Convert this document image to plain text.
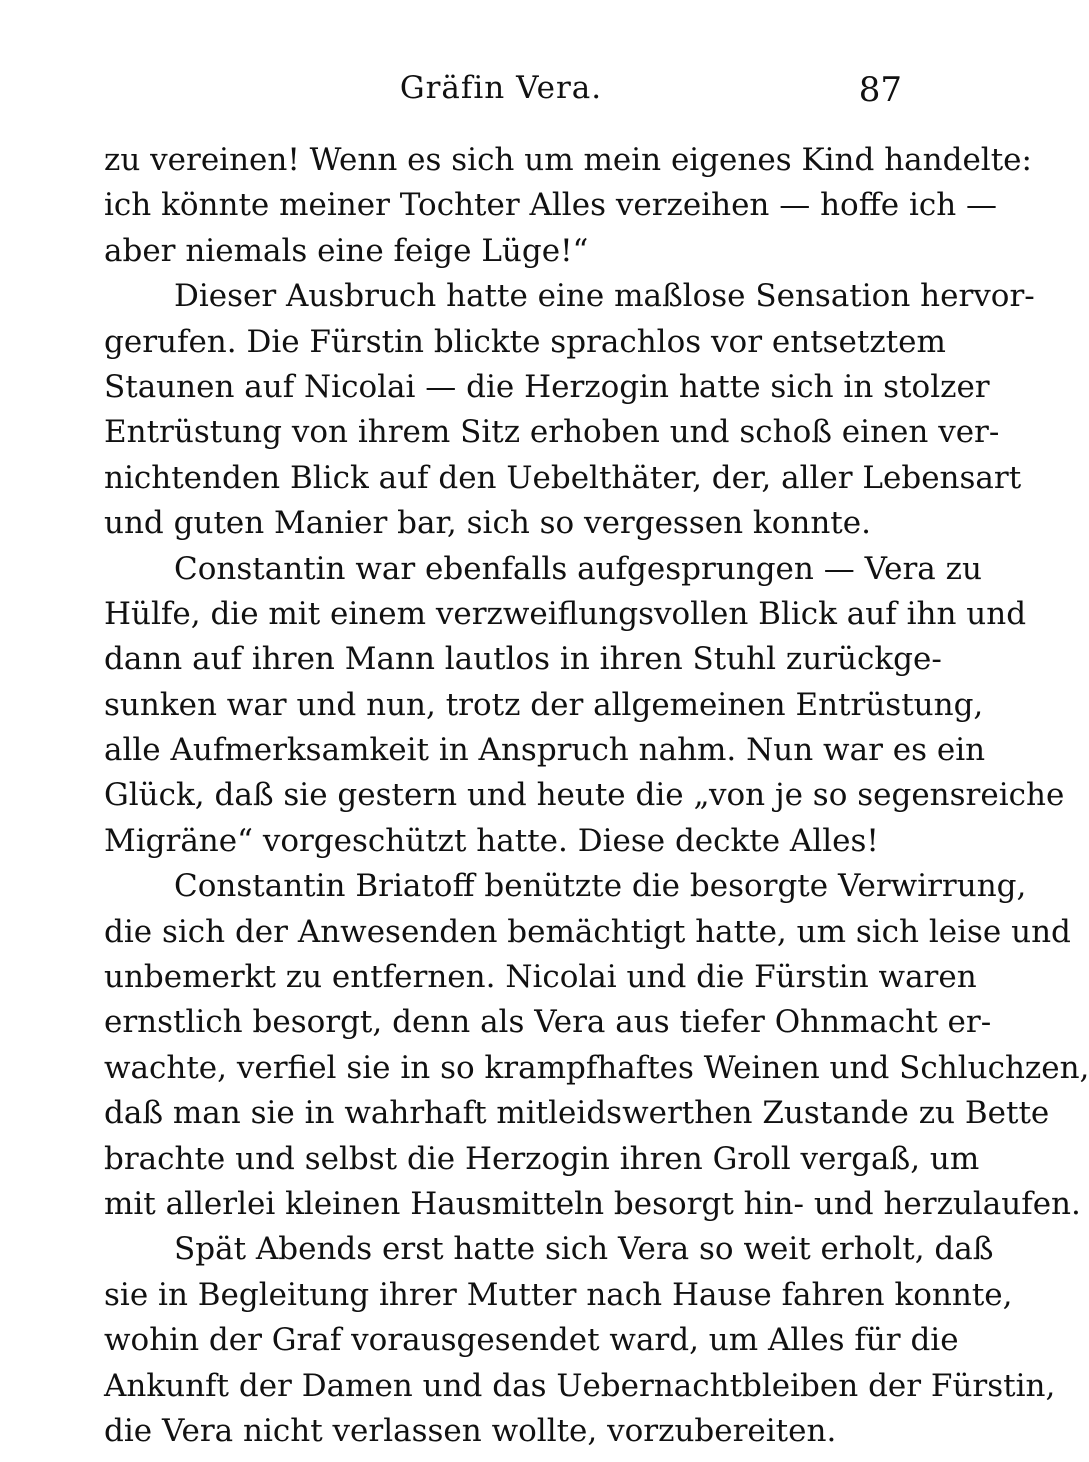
Gräfin Vera.	87
zu vereinen! Wenn es sich um mein eigenes Kind handelte:
ich könnte meiner Tochter Alles verzeihen — hoffe ich —
aber niemals eine feige Lüge!“
Dieser Ausbruch hatte eine maßlose Sensation hervor-
gerufen. Die Fürstin blickte sprachlos vor entsetztem
Staunen auf Nicolai — die Herzogin hatte sich in stolzer
Entrüstung von ihrem Sitz erhoben und schoß einen ver-
nichtenden Blick auf den Uebelthäter, der, aller Lebensart
und guten Manier bar, sich so vergessen konnte.
Constantin war ebenfalls aufgesprungen — Vera zu
Hülfe, die mit einem verzweiflungsvollen Blick auf ihn und
dann auf ihren Mann lautlos in ihren Stuhl zurückge-
sunken war und nun, trotz der allgemeinen Entrüstung,
alle Aufmerksamkeit in Anspruch nahm. Nun war es ein
Glück, daß sie gestern und heute die „von je so segensreiche
Migräne“ vorgeschützt hatte. Diese deckte Alles!
Constantin Briatoff benützte die besorgte Verwirrung,
die sich der Anwesenden bemächtigt hatte, um sich leise und
unbemerkt zu entfernen. Nicolai und die Fürstin waren
ernstlich besorgt, denn als Vera aus tiefer Ohnmacht er-
wachte, verfiel sie in so krampfhaftes Weinen und Schluchzen,
daß man sie in wahrhaft mitleidswerthen Zustande zu Bette
brachte und selbst die Herzogin ihren Groll vergaß, um
mit allerlei kleinen Hausmitteln besorgt hin- und herzulaufen.
Spät Abends erst hatte sich Vera so weit erholt, daß
sie in Begleitung ihrer Mutter nach Hause fahren konnte,
wohin der Graf vorausgesendet ward, um Alles für die
Ankunft der Damen und das Uebernachtbleiben der Fürstin,
die Vera nicht verlassen wollte, vorzubereiten.
